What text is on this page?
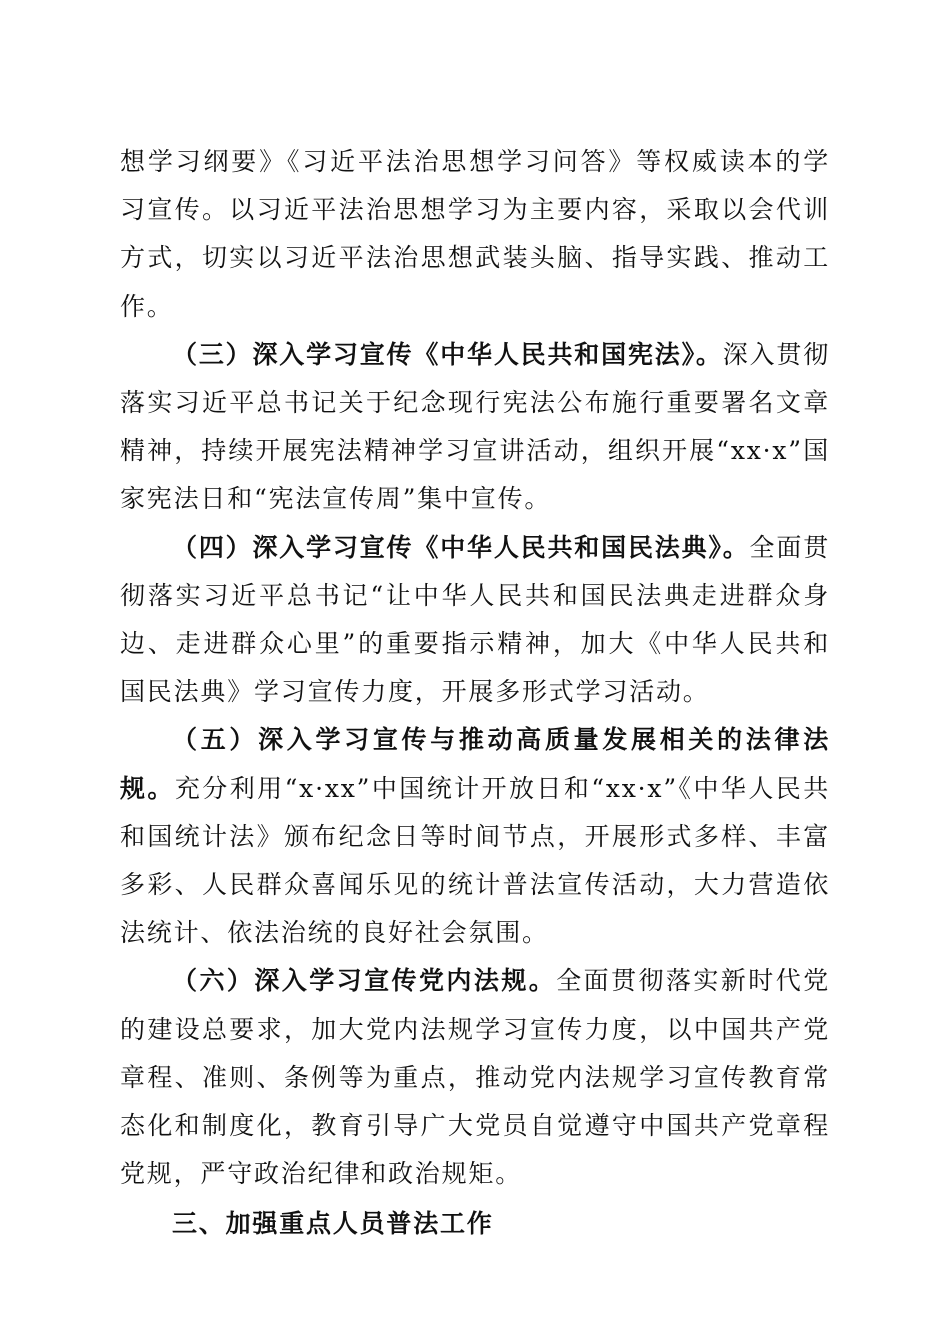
想学习纲要》《习近平法治思想学习问答》等权威读本的学习宣传。以习近平法治思想学习为主要内容，采取以会代训方式，切实以习近平法治思想武装头脑、指导实践、推动工作。

（三）深入学习宣传《中华人民共和国宪法》。深入贯彻落实习近平总书记关于纪念现行宪法公布施行重要署名文章精神，持续开展宪法精神学习宣讲活动，组织开展“xx·x”国家宪法日和“宪法宣传周”集中宣传。

（四）深入学习宣传《中华人民共和国民法典》。全面贯彻落实习近平总书记“让中华人民共和国民法典走进群众身边、走进群众心里”的重要指示精神，加大《中华人民共和国民法典》学习宣传力度，开展多形式学习活动。

（五）深入学习宣传与推动高质量发展相关的法律法规。充分利用“x·xx”中国统计开放日和“xx·x”《中华人民共和国统计法》颁布纪念日等时间节点，开展形式多样、丰富多彩、人民群众喜闻乐见的统计普法宣传活动，大力营造依法统计、依法治统的良好社会氛围。

（六）深入学习宣传党内法规。全面贯彻落实新时代党的建设总要求，加大党内法规学习宣传力度，以中国共产党章程、准则、条例等为重点，推动党内法规学习宣传教育常态化和制度化，教育引导广大党员自觉遵守中国共产党章程党规，严守政治纪律和政治规矩。

三、加强重点人员普法工作
